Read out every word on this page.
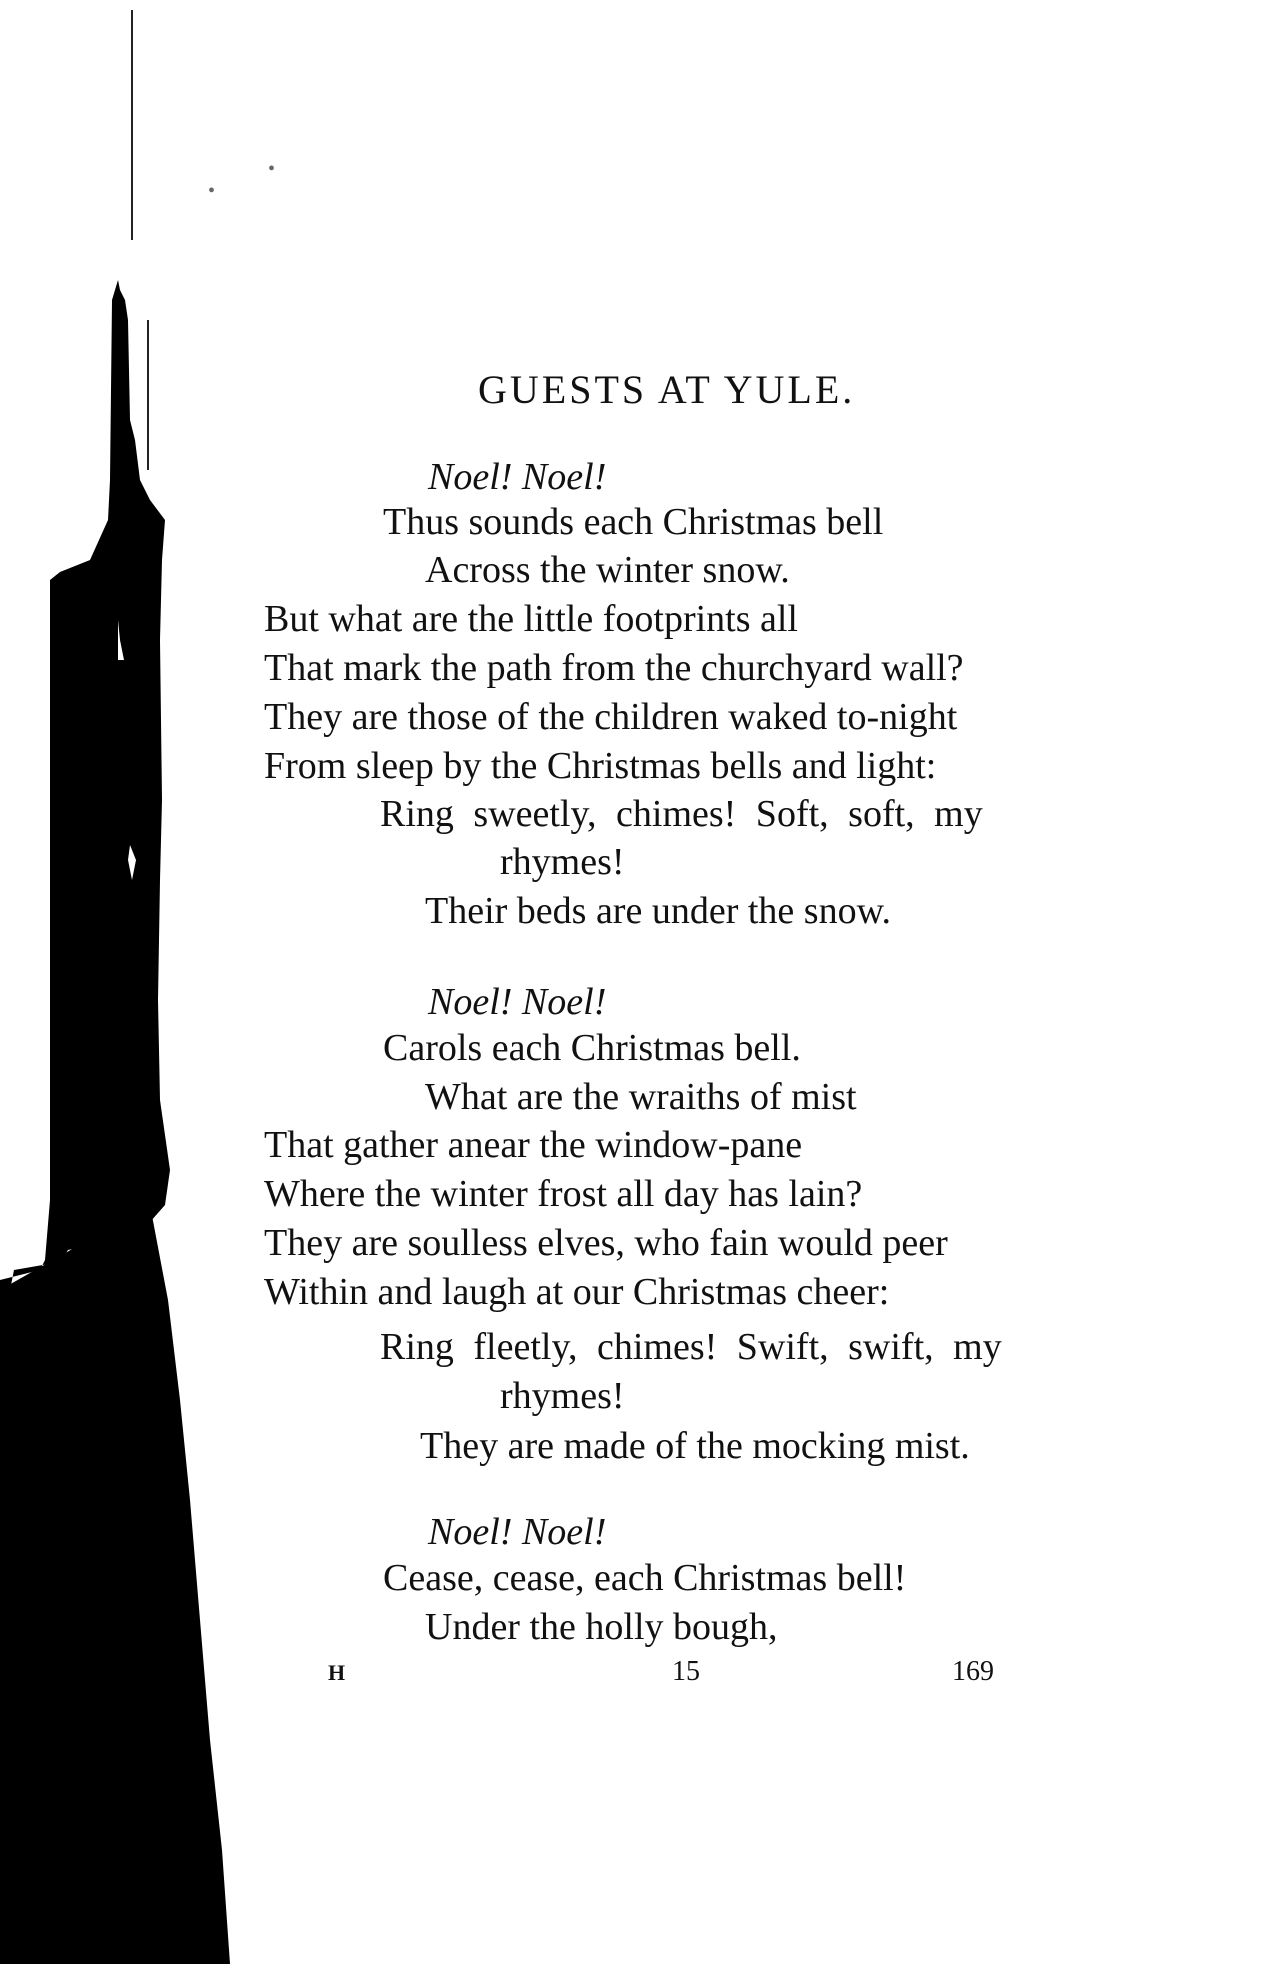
•
•
GUESTS AT YULE.
Noel! Noel!
Thus sounds each Christmas bell
Across the winter snow.
But what are the little footprints all
That mark the path from the churchyard wall?
They are those of the children waked to-night
From sleep by the Christmas bells and light:
Ring sweetly, chimes! Soft, soft, my
rhymes!
Their beds are under the snow.
Noel! Noel!
Carols each Christmas bell.
What are the wraiths of mist
That gather anear the window-pane
Where the winter frost all day has lain?
They are soulless elves, who fain would peer
Within and laugh at our Christmas cheer:
Ring fleetly, chimes! Swift, swift, my
rhymes!
They are made of the mocking mist.
Noel! Noel!
Cease, cease, each Christmas bell!
Under the holly bough,
H	15	169
